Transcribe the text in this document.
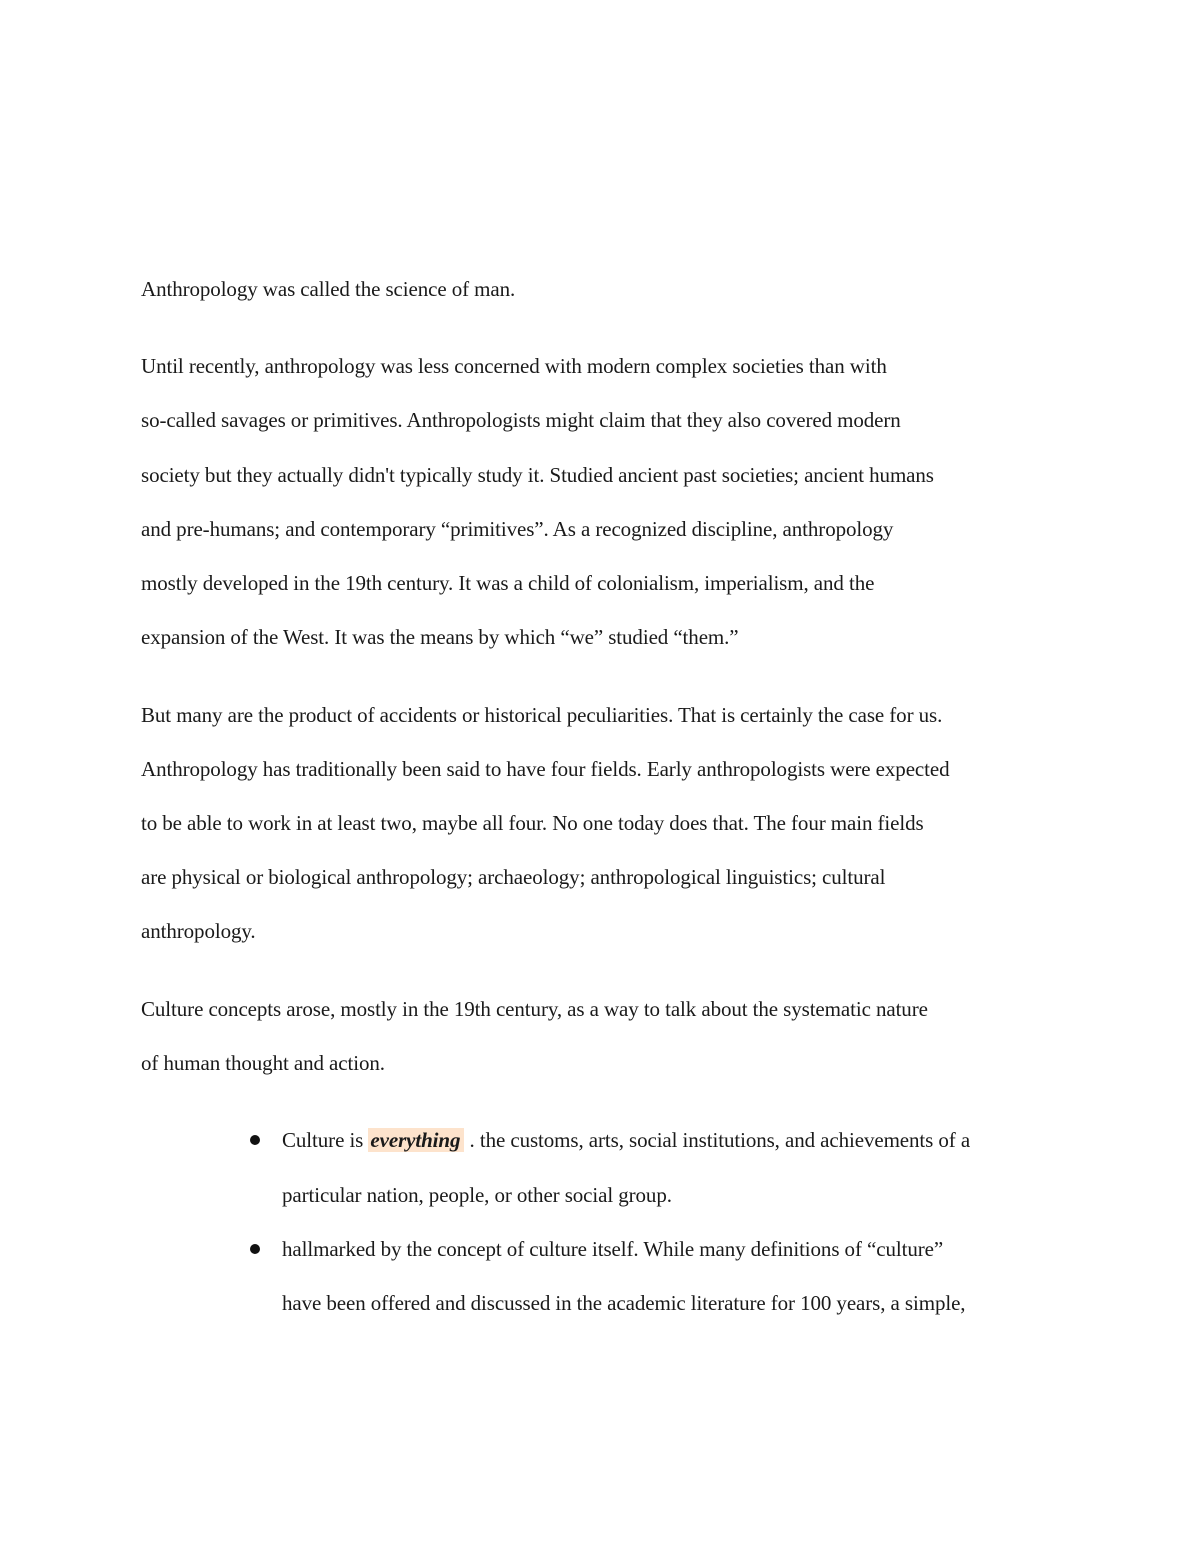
Anthropology was called the science of man.
Until recently, anthropology was less concerned with modern complex societies than with
so-called savages or primitives. Anthropologists might claim that they also covered modern
society but they actually didn't typically study it. Studied ancient past societies; ancient humans
and pre-humans; and contemporary “primitives”. As a recognized discipline, anthropology
mostly developed in the 19th century. It was a child of colonialism, imperialism, and the
expansion of the West. It was the means by which “we” studied “them.”
But many are the product of accidents or historical peculiarities. That is certainly the case for us.
Anthropology has traditionally been said to have four fields. Early anthropologists were expected
to be able to work in at least two, maybe all four. No one today does that. The four main fields
are physical or biological anthropology; archaeology; anthropological linguistics; cultural
anthropology.
Culture concepts arose, mostly in the 19th century, as a way to talk about the systematic nature
of human thought and action.
Culture is everything . the customs, arts, social institutions, and achievements of a
particular nation, people, or other social group.
hallmarked by the concept of culture itself. While many definitions of “culture”
have been offered and discussed in the academic literature for 100 years, a simple,
